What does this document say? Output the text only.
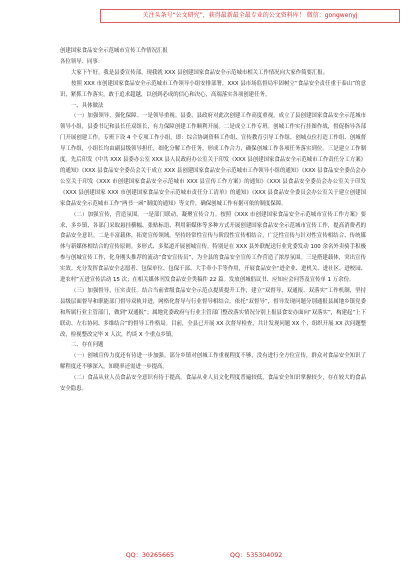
关注头条号“公文研究”，获得最新最全最专业的公文资料库！ 微信：gongwenyj

创建国家食品安全示范城市宣传工作情况汇报

各位领导、同事：

大家下午好。我是县委宣传部，现我就 XXX 县创建国家食品安全示范城市相关工作情况向大家作简要汇报。

按照 XXX 市创建国家食品安全示范城市工作领导小组安排部署，XXX 县市场监督局牢固树立“食品安全责任重于泰山”的意识，紧抓工作落实，敢于追求超越，以创到必成的信心和决心，高端落实各项创建任务。

一、具体做法

（一）加强领导，强化保障。一是领导重视。县委、县政府对此次创建工作高度重视，成立了县创建国家食品安全示范城市领导小组，县委书记和县长任双组长，有力保障创建工作顺利开展。二是成立工作专班。创城工作实行挂图作战，督促指导各部门开展创建工作。专班下设 4 个专项工作小组，即：综合协调资料工作组、宣传教育引导工作组、创城点位打造工作组、创城督导工作组，小组长均由副县级领导担任，细化分解工作任务，形成工作合力，确保创城工作各项任务落实到位。三是建立工作制度。先后印发《中共 XXX 县委办公室 XXX 县人民政府办公室关于印发《XXX 县创建国家食品安全示范城市工作责任分工方案》的通知》《XXX 县食品安全委员会关于成立 XXX 县创建国家食品安全示范城市工作领导小组的通知》《XXX 县食品安全委员会办公室关于印发《XXX 市创建国家食品安全示范城市 XXX 县宣传工作方案》的通知》《XXX 县食品安全委员会办公室关于印发《XXX 县创建国家 XXX 市创建国家食品安全示范城市责任分工清单》的通知》《XXX 县食品安全委员会办公室关于建立创建国家食品安全示范城市工作“两书一函”制度的通知》等文件，确保创城工作有据可依的制度保障。

（二）加强宣传，营造氛围。一是部门联动，凝聚宣传合力。按照《XXX 市创建国家食品安全示范城市宣传工作方案》要求，多乡镇、各部门采取悬挂横幅、张贴标语、利用新媒体等多种方式开展创建国家食品安全示范城市宣传工作，提高消费者的食品安全意识。二是丰富载体，拓宽宣传领域。坚持经常性宣传与阶段性宣传相结合，广泛性宣传与针对性宣传相结合、传统媒体与新媒体相结合的宣传原则。多形式、多渠道开展创城宣传。特别是在 XXX 县外联配送行业党委发动 100 余名外卖骑手积极参与创城宣传工作，化身刚头推荐的流动“食安宣传员”，为全县的食品安全宣传工作营造了浓厚氛围。三是搭建载体，突出宣传实效。充分发挥食品安全志愿者、包保单位、包保干部、大手牵小手等作用，开展食品安全“进企业、进机关、进社区、进校园、进农村”五进宣传活动 15 次；在相关媒体刊发食品安全类稿件 22 篇。发放创城倡议书、应知应会问答及宣传单 1 万余份。

（三）加强督导，压实责任。结合当前省级食品安全示范点提质提升工作，建立“双督导、双通报、双落实”工作机制，坚持县级层面督导和职能部门督导双轨并进，网格化督导与行业督导相结合。依托“双督导”，督导发现问题分别通报县属地乡镇党委和所属行业主管部门，做到“双通报”；属地党委政府与行业主管部门整改落实情况分别上报县食安办面向“双落实”，构建起“上下联动、左右协同、多维结合”的督导工作格局。目前，全县已开展 XX 次督导检查，共计发现问题 XX 个，组织开展 XX 次问题整改，检视整改完毕 X 人次，约谈 X 个重点乡镇。

二、存在问题

（一）创城宣传力度还有待进一步加强。部分乡镇对创城工作重视程度不够，没有进行全方位宣传，群众对食品安全知识了解程度还不够深入，知晓率还需进一步提高。

（二）食品从业人员食品安全意识有待于提高。食品从业人员文化程度普遍较低，食品安全知识掌握较少，存在较大的食品安全隐患。

QQ：30265665	QQ：535304092
